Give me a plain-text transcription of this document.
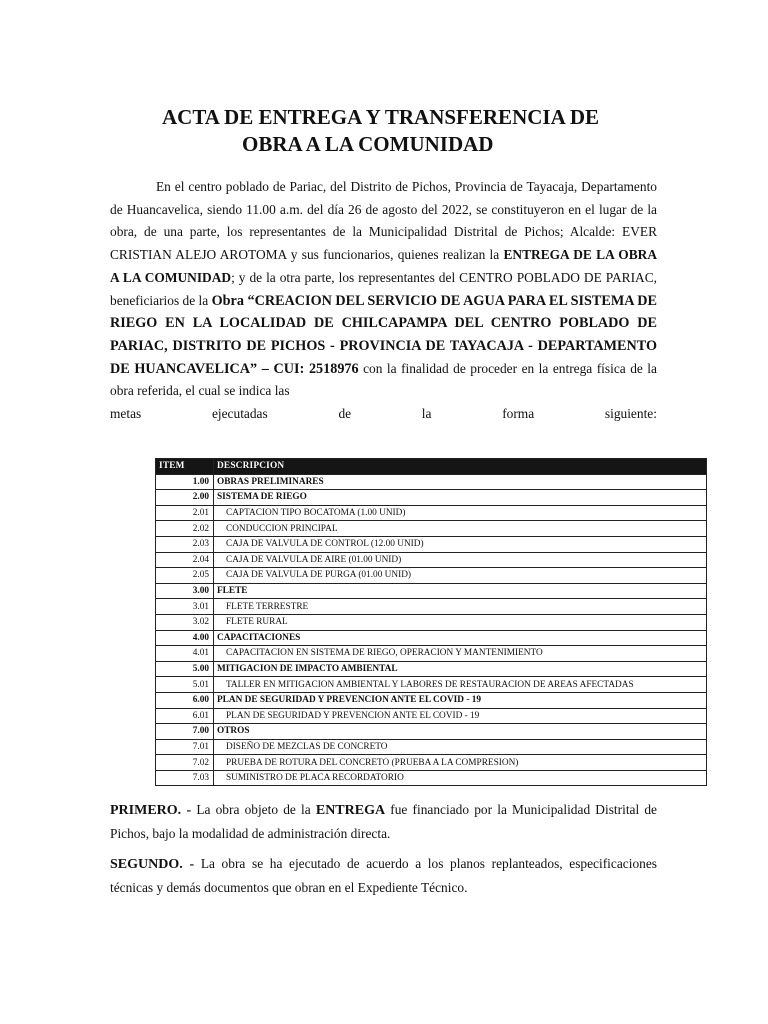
ACTA DE ENTREGA Y TRANSFERENCIA DE
OBRA A LA COMUNIDAD

En el centro poblado de Pariac, del Distrito de Pichos, Provincia de Tayacaja, Departamento de Huancavelica, siendo 11.00 a.m. del día 26 de agosto del 2022, se constituyeron en el lugar de la obra, de una parte, los representantes de la Municipalidad Distrital de Pichos; Alcalde: EVER CRISTIAN ALEJO AROTOMA y sus funcionarios, quienes realizan la ENTREGA DE LA OBRA A LA COMUNIDAD; y de la otra parte, los representantes del CENTRO POBLADO DE PARIAC, beneficiarios de la Obra “CREACION DEL SERVICIO DE AGUA PARA EL SISTEMA DE RIEGO EN LA LOCALIDAD DE CHILCAPAMPA DEL CENTRO POBLADO DE PARIAC, DISTRITO DE PICHOS - PROVINCIA DE TAYACAJA - DEPARTAMENTO DE HUANCAVELICA” – CUI: 2518976 con la finalidad de proceder en la entrega física de la obra referida, el cual se indica las

metas	ejecutadas	de	la	forma	siguiente:
ITEM	DESCRIPCION
1.00	OBRAS PRELIMINARES
2.00	SISTEMA DE RIEGO
2.01	CAPTACION TIPO BOCATOMA (1.00 UNID)
2.02	CONDUCCION PRINCIPAL
2.03	CAJA DE VALVULA DE CONTROL (12.00 UNID)
2.04	CAJA DE VALVULA DE AIRE (01.00 UNID)
2.05	CAJA DE VALVULA DE PURGA (01.00 UNID)
3.00	FLETE
3.01	FLETE TERRESTRE
3.02	FLETE RURAL
4.00	CAPACITACIONES
4.01	CAPACITACION EN SISTEMA DE RIEGO, OPERACION Y MANTENIMIENTO
5.00	MITIGACION DE IMPACTO AMBIENTAL
5.01	TALLER EN MITIGACION AMBIENTAL Y LABORES DE RESTAURACION DE AREAS AFECTADAS
6.00	PLAN DE SEGURIDAD Y PREVENCION ANTE EL COVID - 19
6.01	PLAN DE SEGURIDAD Y PREVENCION ANTE EL COVID - 19
7.00	OTROS
7.01	DISEÑO DE MEZCLAS DE CONCRETO
7.02	PRUEBA DE ROTURA DEL CONCRETO (PRUEBA A LA COMPRESION)
7.03	SUMINISTRO DE PLACA RECORDATORIO

PRIMERO. - La obra objeto de la ENTREGA fue financiado por la Municipalidad Distrital de Pichos, bajo la modalidad de administración directa.

SEGUNDO. - La obra se ha ejecutado de acuerdo a los planos replanteados, especificaciones técnicas y demás documentos que obran en el Expediente Técnico.
